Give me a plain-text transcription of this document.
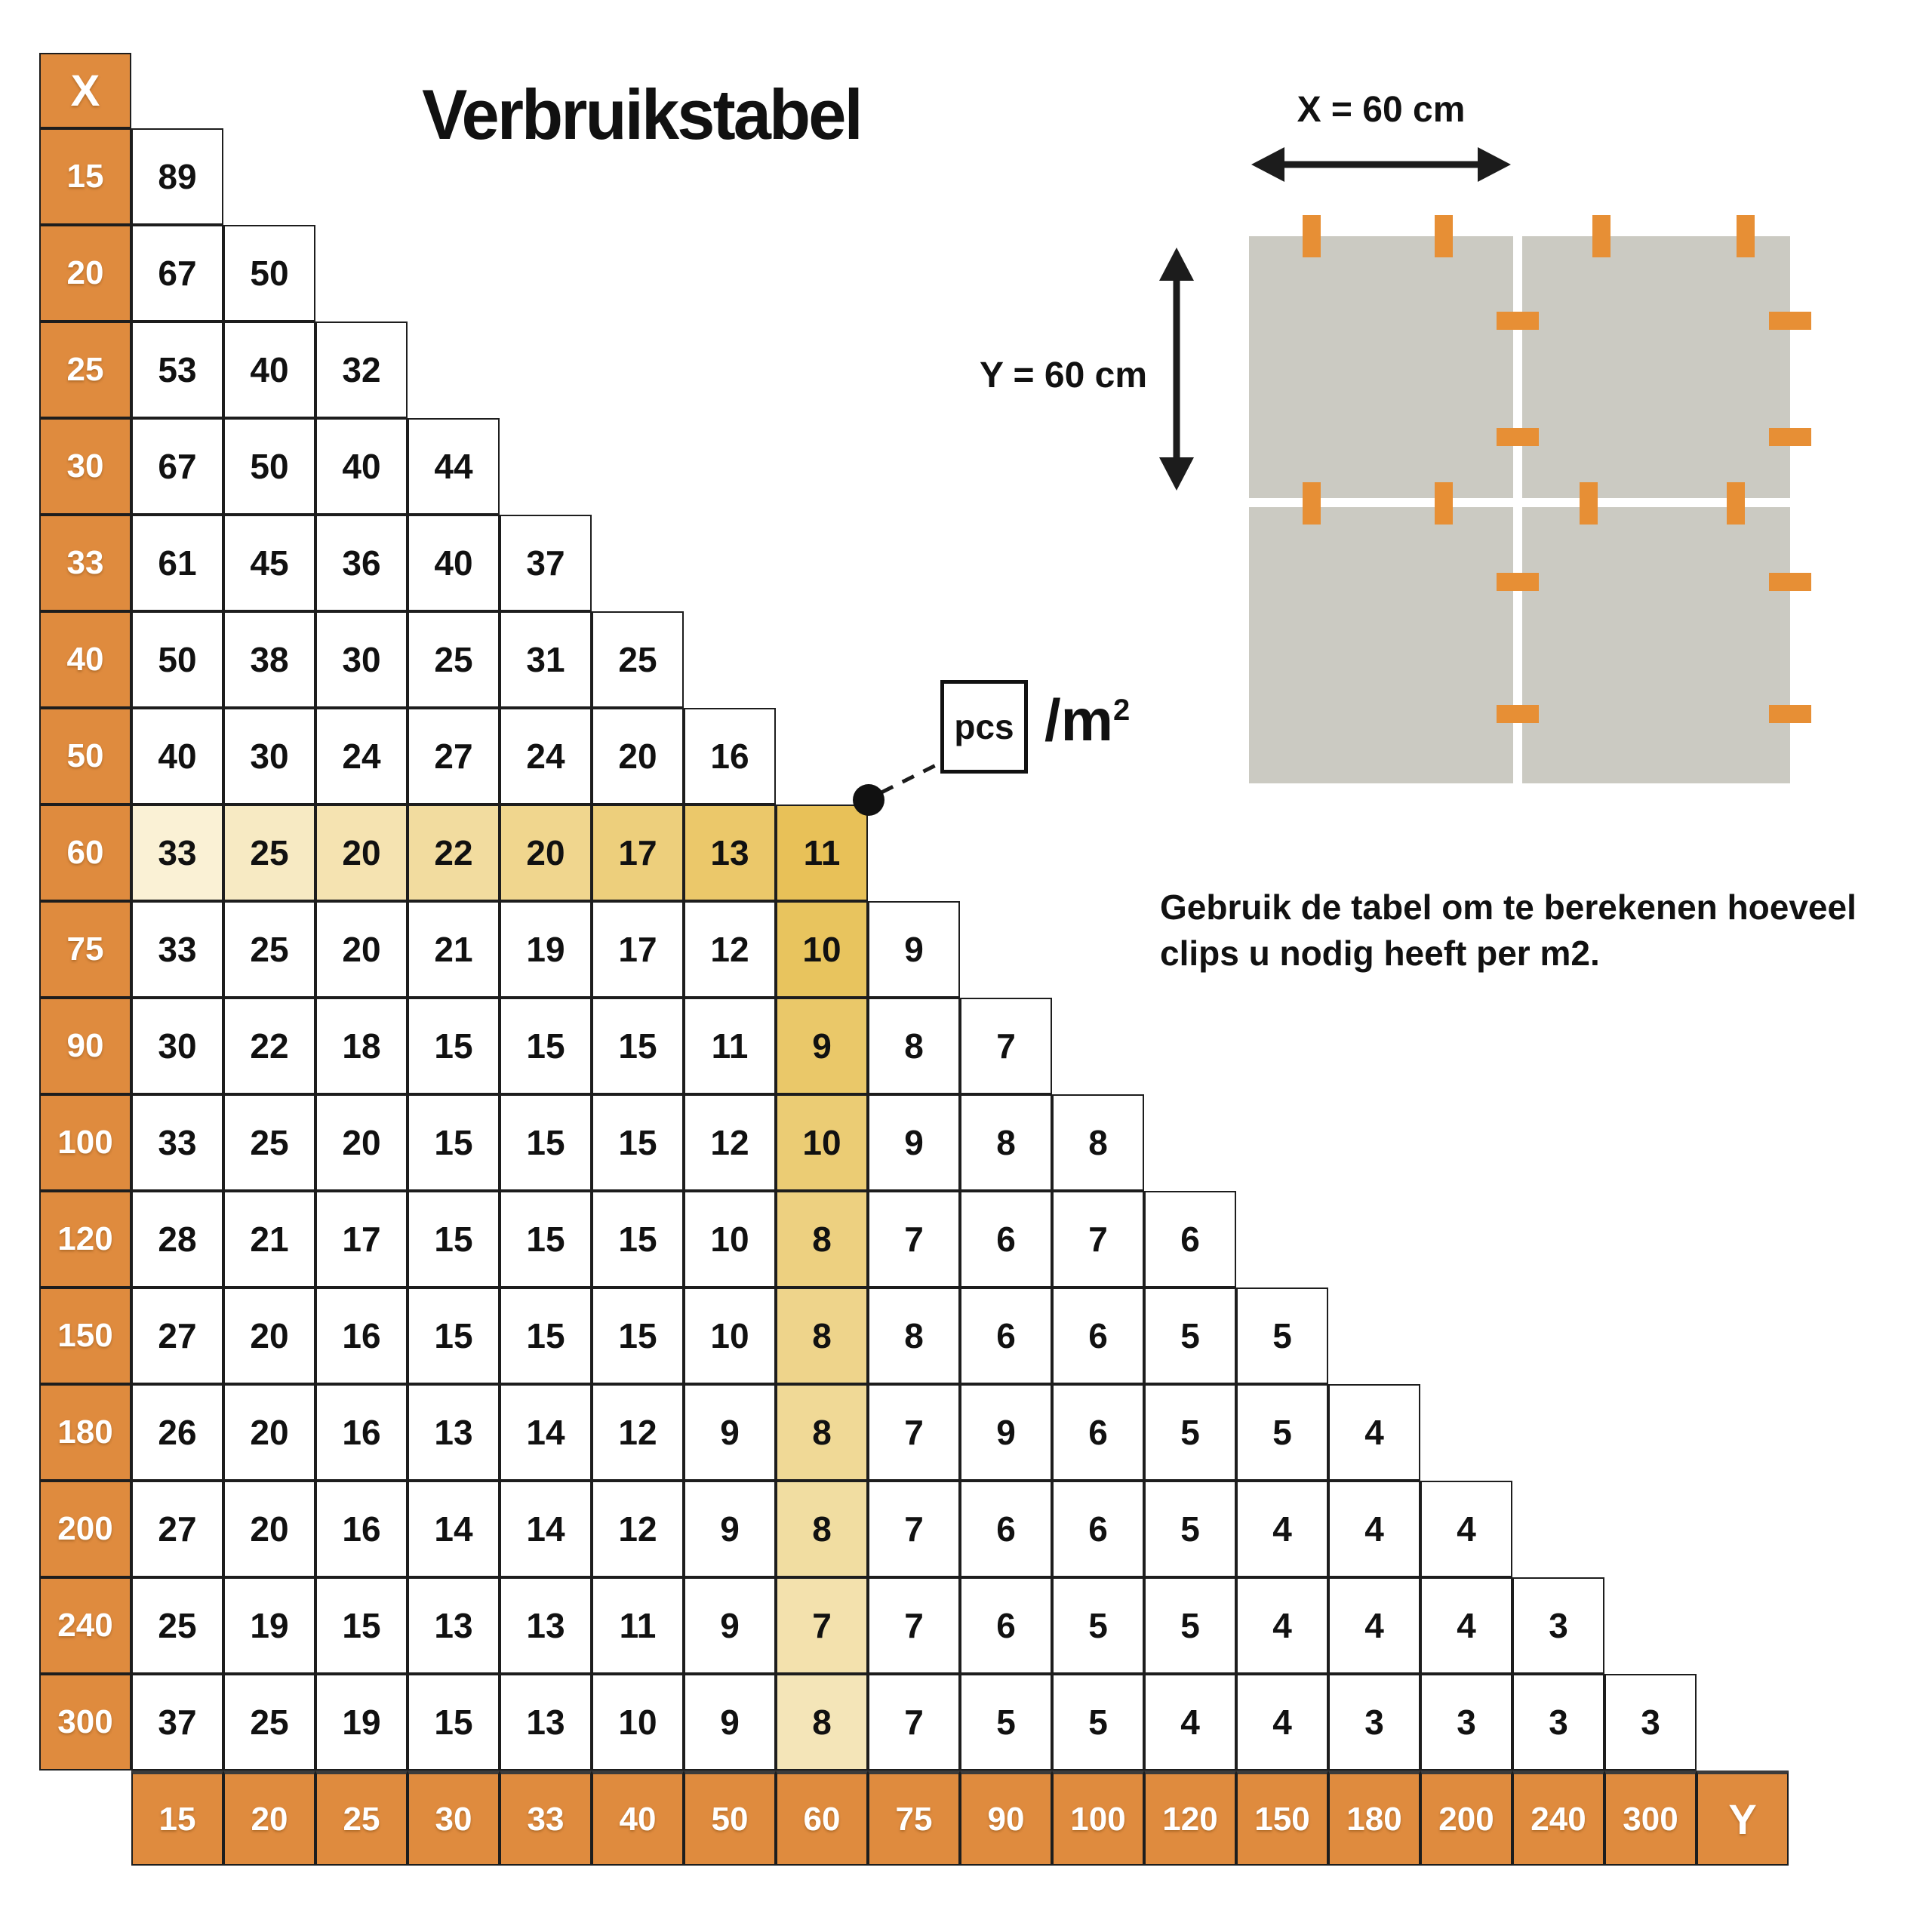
Verbruikstabel
X
15	89
20	67	50
25	53	40	32
30	67	50	40	44
33	61	45	36	40	37
40	50	38	30	25	31	25
50	40	30	24	27	24	20	16
60	33	25	20	22	20	17	13	11
75	33	25	20	21	19	17	12	10	9
90	30	22	18	15	15	15	11	9	8	7
100	33	25	20	15	15	15	12	10	9	8	8
120	28	21	17	15	15	15	10	8	7	6	7	6
150	27	20	16	15	15	15	10	8	8	6	6	5	5
180	26	20	16	13	14	12	9	8	7	9	6	5	5	4
200	27	20	16	14	14	12	9	8	7	6	6	5	4	4	4
240	25	19	15	13	13	11	9	7	7	6	5	5	4	4	4	3
300	37	25	19	15	13	10	9	8	7	5	5	4	4	3	3	3	3
15	20	25	30	33	40	50	60	75	90	100	120	150	180	200	240	300	Y
X = 60 cm
Y = 60 cm
pcs $/m^2$
Gebruik de tabel om te berekenen hoeveel
clips u nodig heeft per m2.
